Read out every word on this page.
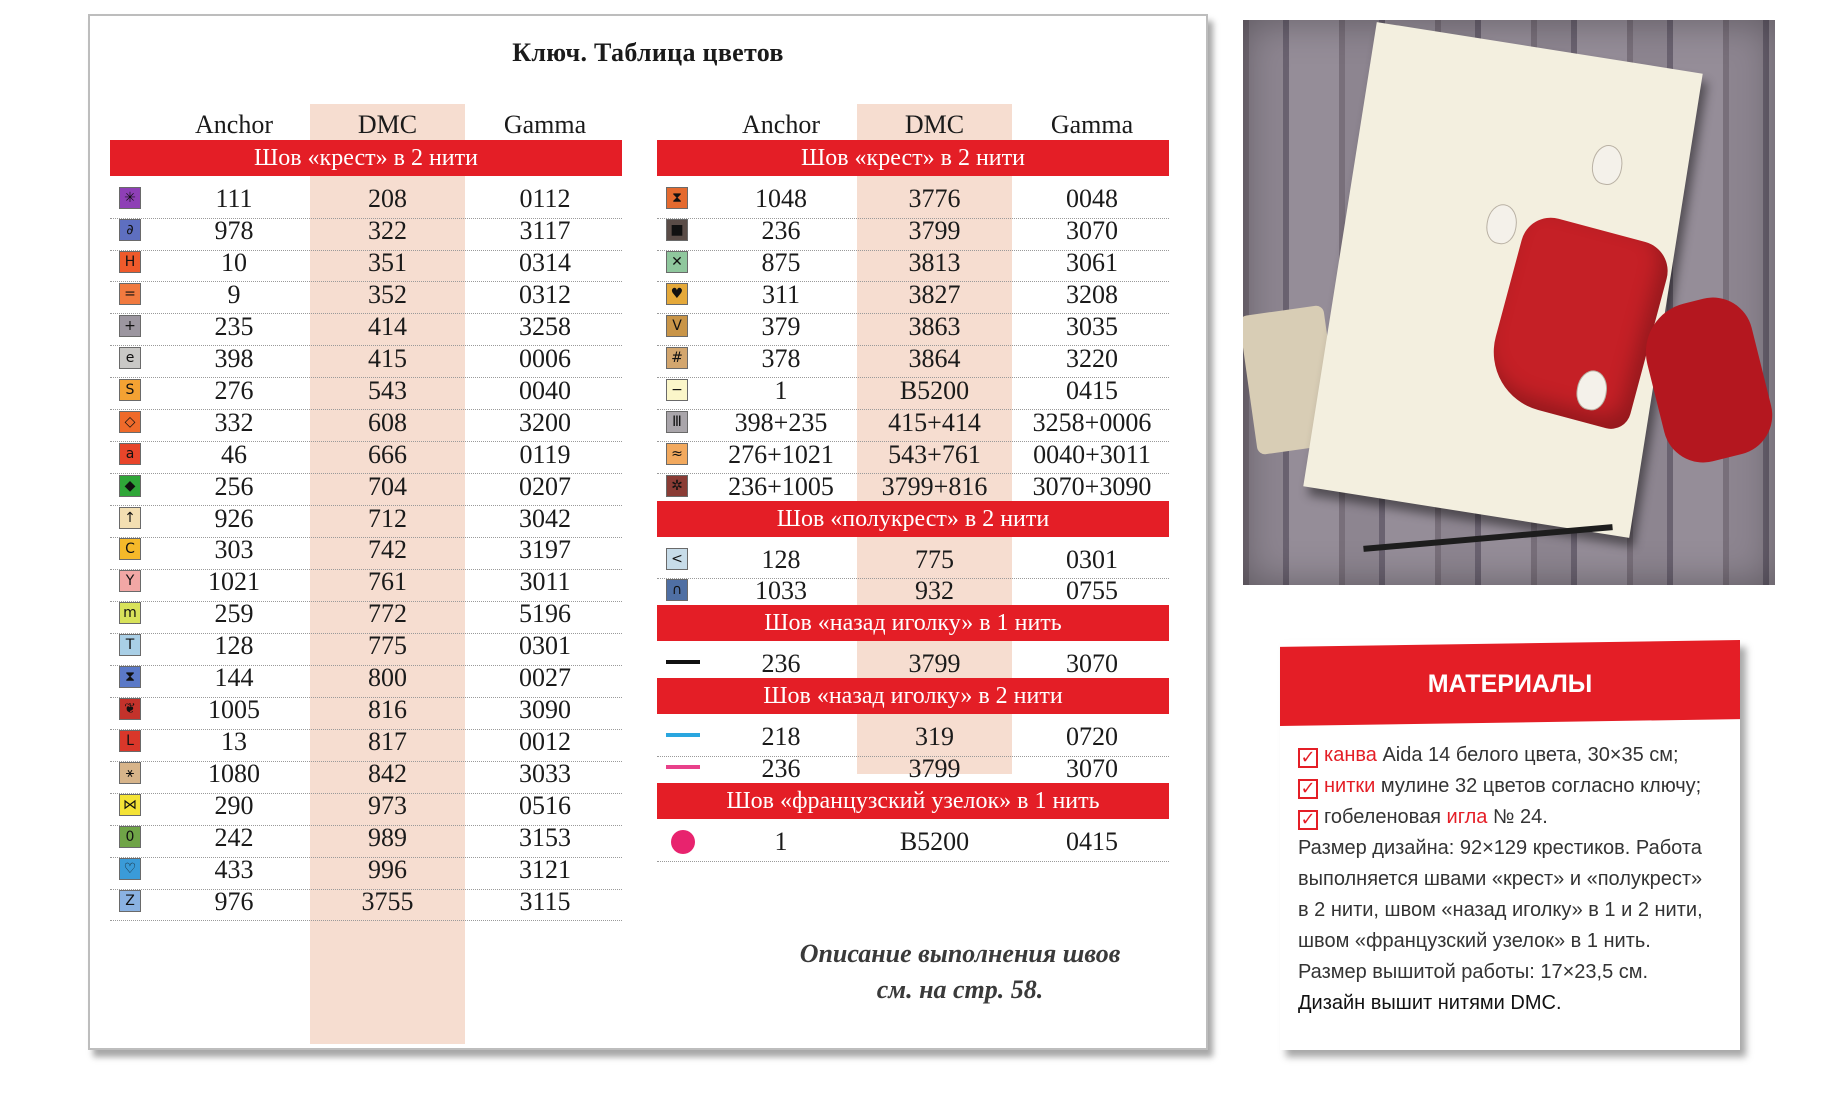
Ключ. Таблица цветов
Anchor	DMC	Gamma
Шов «крест» в 2 нити
✳	111	208	0112
∂	978	322	3117
H	10	351	0314
=	9	352	0312
+	235	414	3258
e	398	415	0006
S	276	543	0040
◇	332	608	3200
a	46	666	0119
◆	256	704	0207
↑	926	712	3042
C	303	742	3197
Y	1021	761	3011
m	259	772	5196
T	128	775	0301
⧗	144	800	0027
❦	1005	816	3090
L	13	817	0012
⚹	1080	842	3033
⋈	290	973	0516
0	242	989	3153
♡	433	996	3121
Z	976	3755	3115
Anchor	DMC	Gamma
Шов «крест» в 2 нити
⧗	1048	3776	0048
■	236	3799	3070
✕	875	3813	3061
♥	311	3827	3208
V	379	3863	3035
#	378	3864	3220
−	1	B5200	0415
Ⅲ	398+235	415+414	3258+0006
≈ 276+1021	543+761	0040+3011
✲ 236+1005	3799+816	3070+3090
Шов «полукрест» в 2 нити
<	128	775	0301
∩	1033	932	0755
Шов «назад иголку» в 1 нить
236	3799	3070
Шов «назад иголку» в 2 нити
218	319	0720
236	3799	3070
Шов «французский узелок» в 1 нить
1	B5200	0415
Описание выполнения швов
см. на стр. 58.
МАТЕРИАЛЫ
✓ канва Aida 14 белого цвета, 30×35 см;
✓ нитки мулине 32 цветов согласно ключу;
✓ гобеленовая игла № 24.
Размер дизайна: 92×129 крестиков. Работа
выполняется швами «крест» и «полукрест»
в 2 нити, швом «назад иголку» в 1 и 2 нити,
швом «французский узелок» в 1 нить.
Размер вышитой работы: 17×23,5 см.
Дизайн вышит нитями DMC.
